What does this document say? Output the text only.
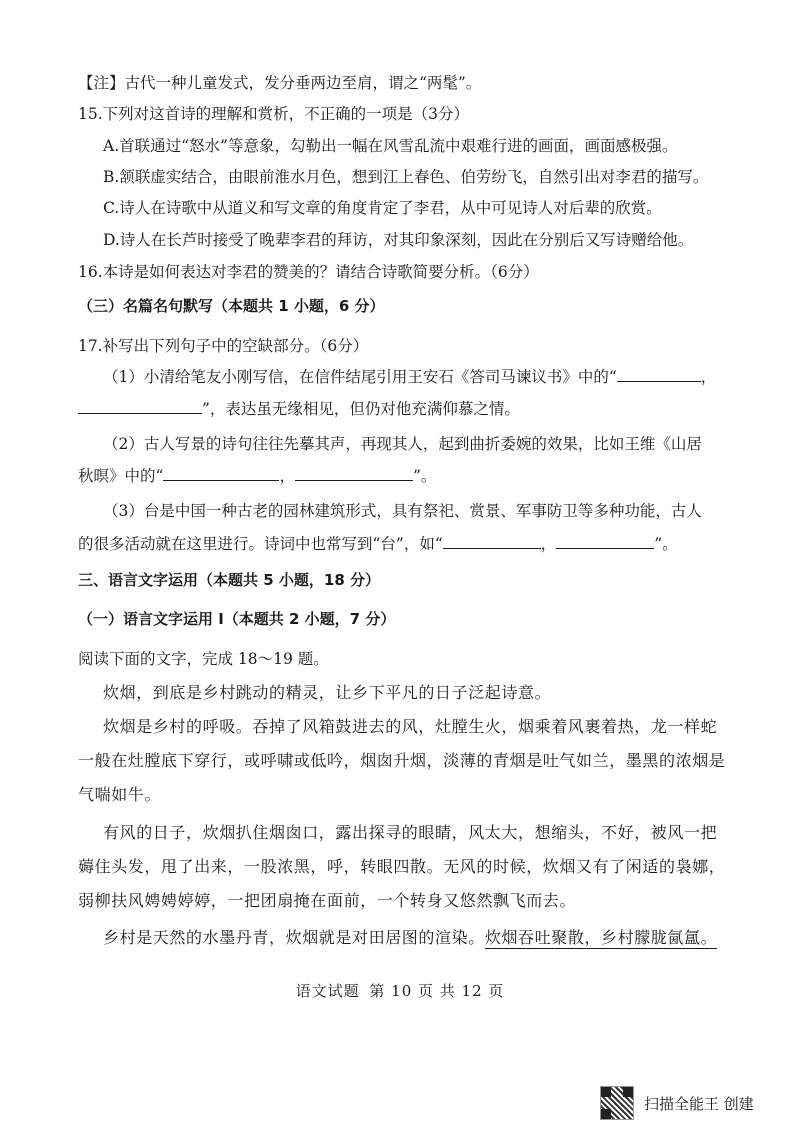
【注】古代一种儿童发式，发分垂两边至肩，谓之“两髦”。
15.下列对这首诗的理解和赏析，不正确的一项是（3分）
A.首联通过“怒水”等意象，勾勒出一幅在风雪乱流中艰难行进的画面，画面感极强。
B.颔联虚实结合，由眼前淮水月色，想到江上春色、伯劳纷飞，自然引出对李君的描写。
C.诗人在诗歌中从道义和写文章的角度肯定了李君，从中可见诗人对后辈的欣赏。
D.诗人在长芦时接受了晚辈李君的拜访，对其印象深刻，因此在分别后又写诗赠给他。
16.本诗是如何表达对李君的赞美的？请结合诗歌简要分析。（6分）
（三）名篇名句默写（本题共 1 小题，6 分）
17.补写出下列句子中的空缺部分。（6分）
（1）小清给笔友小刚写信，在信件结尾引用王安石《答司马谏议书》中的“	，
”，表达虽无缘相见，但仍对他充满仰慕之情。
（2）古人写景的诗句往往先摹其声，再现其人，起到曲折委婉的效果，比如王维《山居
秋暝》中的“	，	”。
（3）台是中国一种古老的园林建筑形式，具有祭祀、赏景、军事防卫等多种功能，古人
的很多活动就在这里进行。诗词中也常写到“台”，如“	，	”。
三、语言文字运用（本题共 5 小题，18 分）
（一）语言文字运用 I（本题共 2 小题，7 分）
阅读下面的文字，完成 18～19 题。
炊烟，到底是乡村跳动的精灵，让乡下平凡的日子泛起诗意。
炊烟是乡村的呼吸。吞掉了风箱鼓进去的风，灶膛生火，烟乘着风裹着热，龙一样蛇
一般在灶膛底下穿行，或呼啸或低吟，烟囱升烟，淡薄的青烟是吐气如兰，墨黑的浓烟是
气喘如牛。
有风的日子，炊烟扒住烟囱口，露出探寻的眼睛，风太大，想缩头，不好，被风一把
薅住头发，甩了出来，一股浓黑，呼，转眼四散。无风的时候，炊烟又有了闲适的袅娜，
弱柳扶风娉娉婷婷，一把团扇掩在面前，一个转身又悠然飘飞而去。
乡村是天然的水墨丹青，炊烟就是对田居图的渲染。炊烟吞吐聚散，乡村朦胧氤氲。
语文试题 第 10 页 共 12 页
扫描全能王 创建
